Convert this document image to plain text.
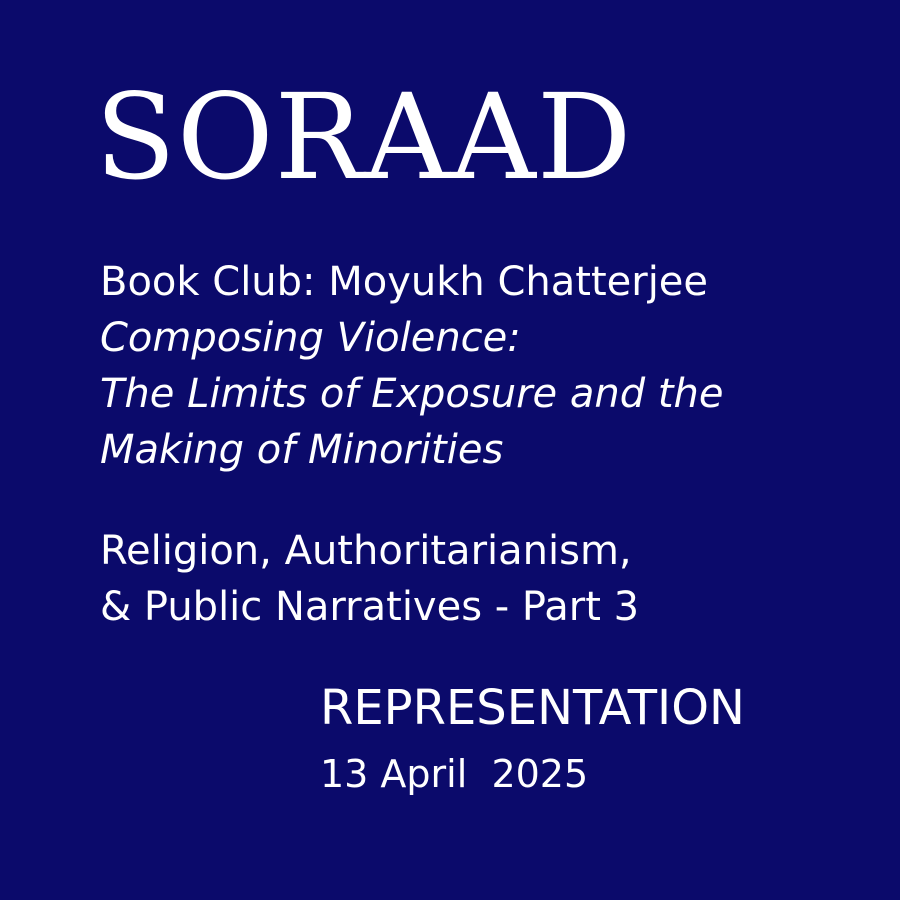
SORAAD
Book Club: Moyukh Chatterjee
Composing Violence:
The Limits of Exposure and the
Making of Minorities
Religion, Authoritarianism,
& Public Narratives - Part 3
REPRESENTATION
13 April  2025
